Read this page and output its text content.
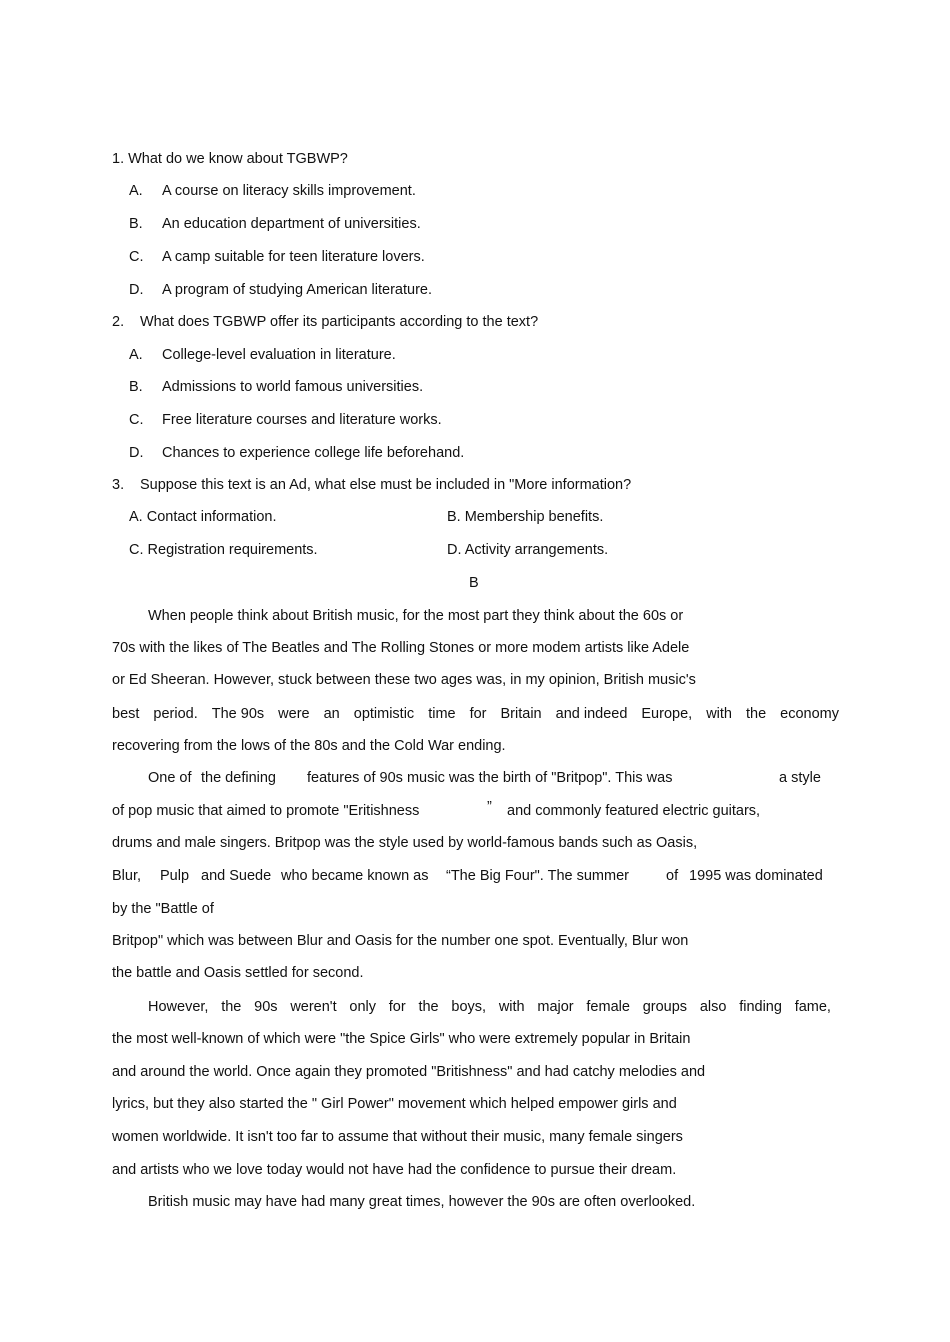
1. What do we know about TGBWP?
A. A course on literacy skills improvement.
B. An education department of universities.
C. A camp suitable for teen literature lovers.
D. A program of studying American literature.
2. What does TGBWP offer its participants according to the text?
A. College-level evaluation in literature.
B. Admissions to world famous universities.
C. Free literature courses and literature works.
D. Chances to experience college life beforehand.
3. Suppose this text is an Ad, what else must be included in "More information?
A. Contact information.	B. Membership benefits.
C. Registration requirements.	D. Activity arrangements.
B
When people think about British music, for the most part they think about the 60s or
70s with the likes of The Beatles and The Rolling Stones or more modem artists like Adele
or Ed Sheeran. However, stuck between these two ages was, in my opinion, British music's
best period. The 90s were an optimistic time for Britain and indeed Europe, with the economy
recovering from the lows of the 80s and the Cold War ending.
One of the defining features of 90s music was the birth of "Britpop". This was	a style
of pop music that aimed to promote "Eritishness	” and commonly featured electric guitars,
drums and male singers. Britpop was the style used by world-famous bands such as Oasis,
Blur, Pulp and Suede who became known as “The Big Four". The summer	of 1995 was dominated
by the "Battle of
Britpop" which was between Blur and Oasis for the number one spot. Eventually, Blur won
the battle and Oasis settled for second.
However, the 90s weren't only for the boys, with major female groups also finding fame,
the most well-known of which were "the Spice Girls" who were extremely popular in Britain
and around the world. Once again they promoted "Britishness" and had catchy melodies and
lyrics, but they also started the " Girl Power" movement which helped empower girls and
women worldwide. It isn't too far to assume that without their music, many female singers
and artists who we love today would not have had the confidence to pursue their dream.
British music may have had many great times, however the 90s are often overlooked.
